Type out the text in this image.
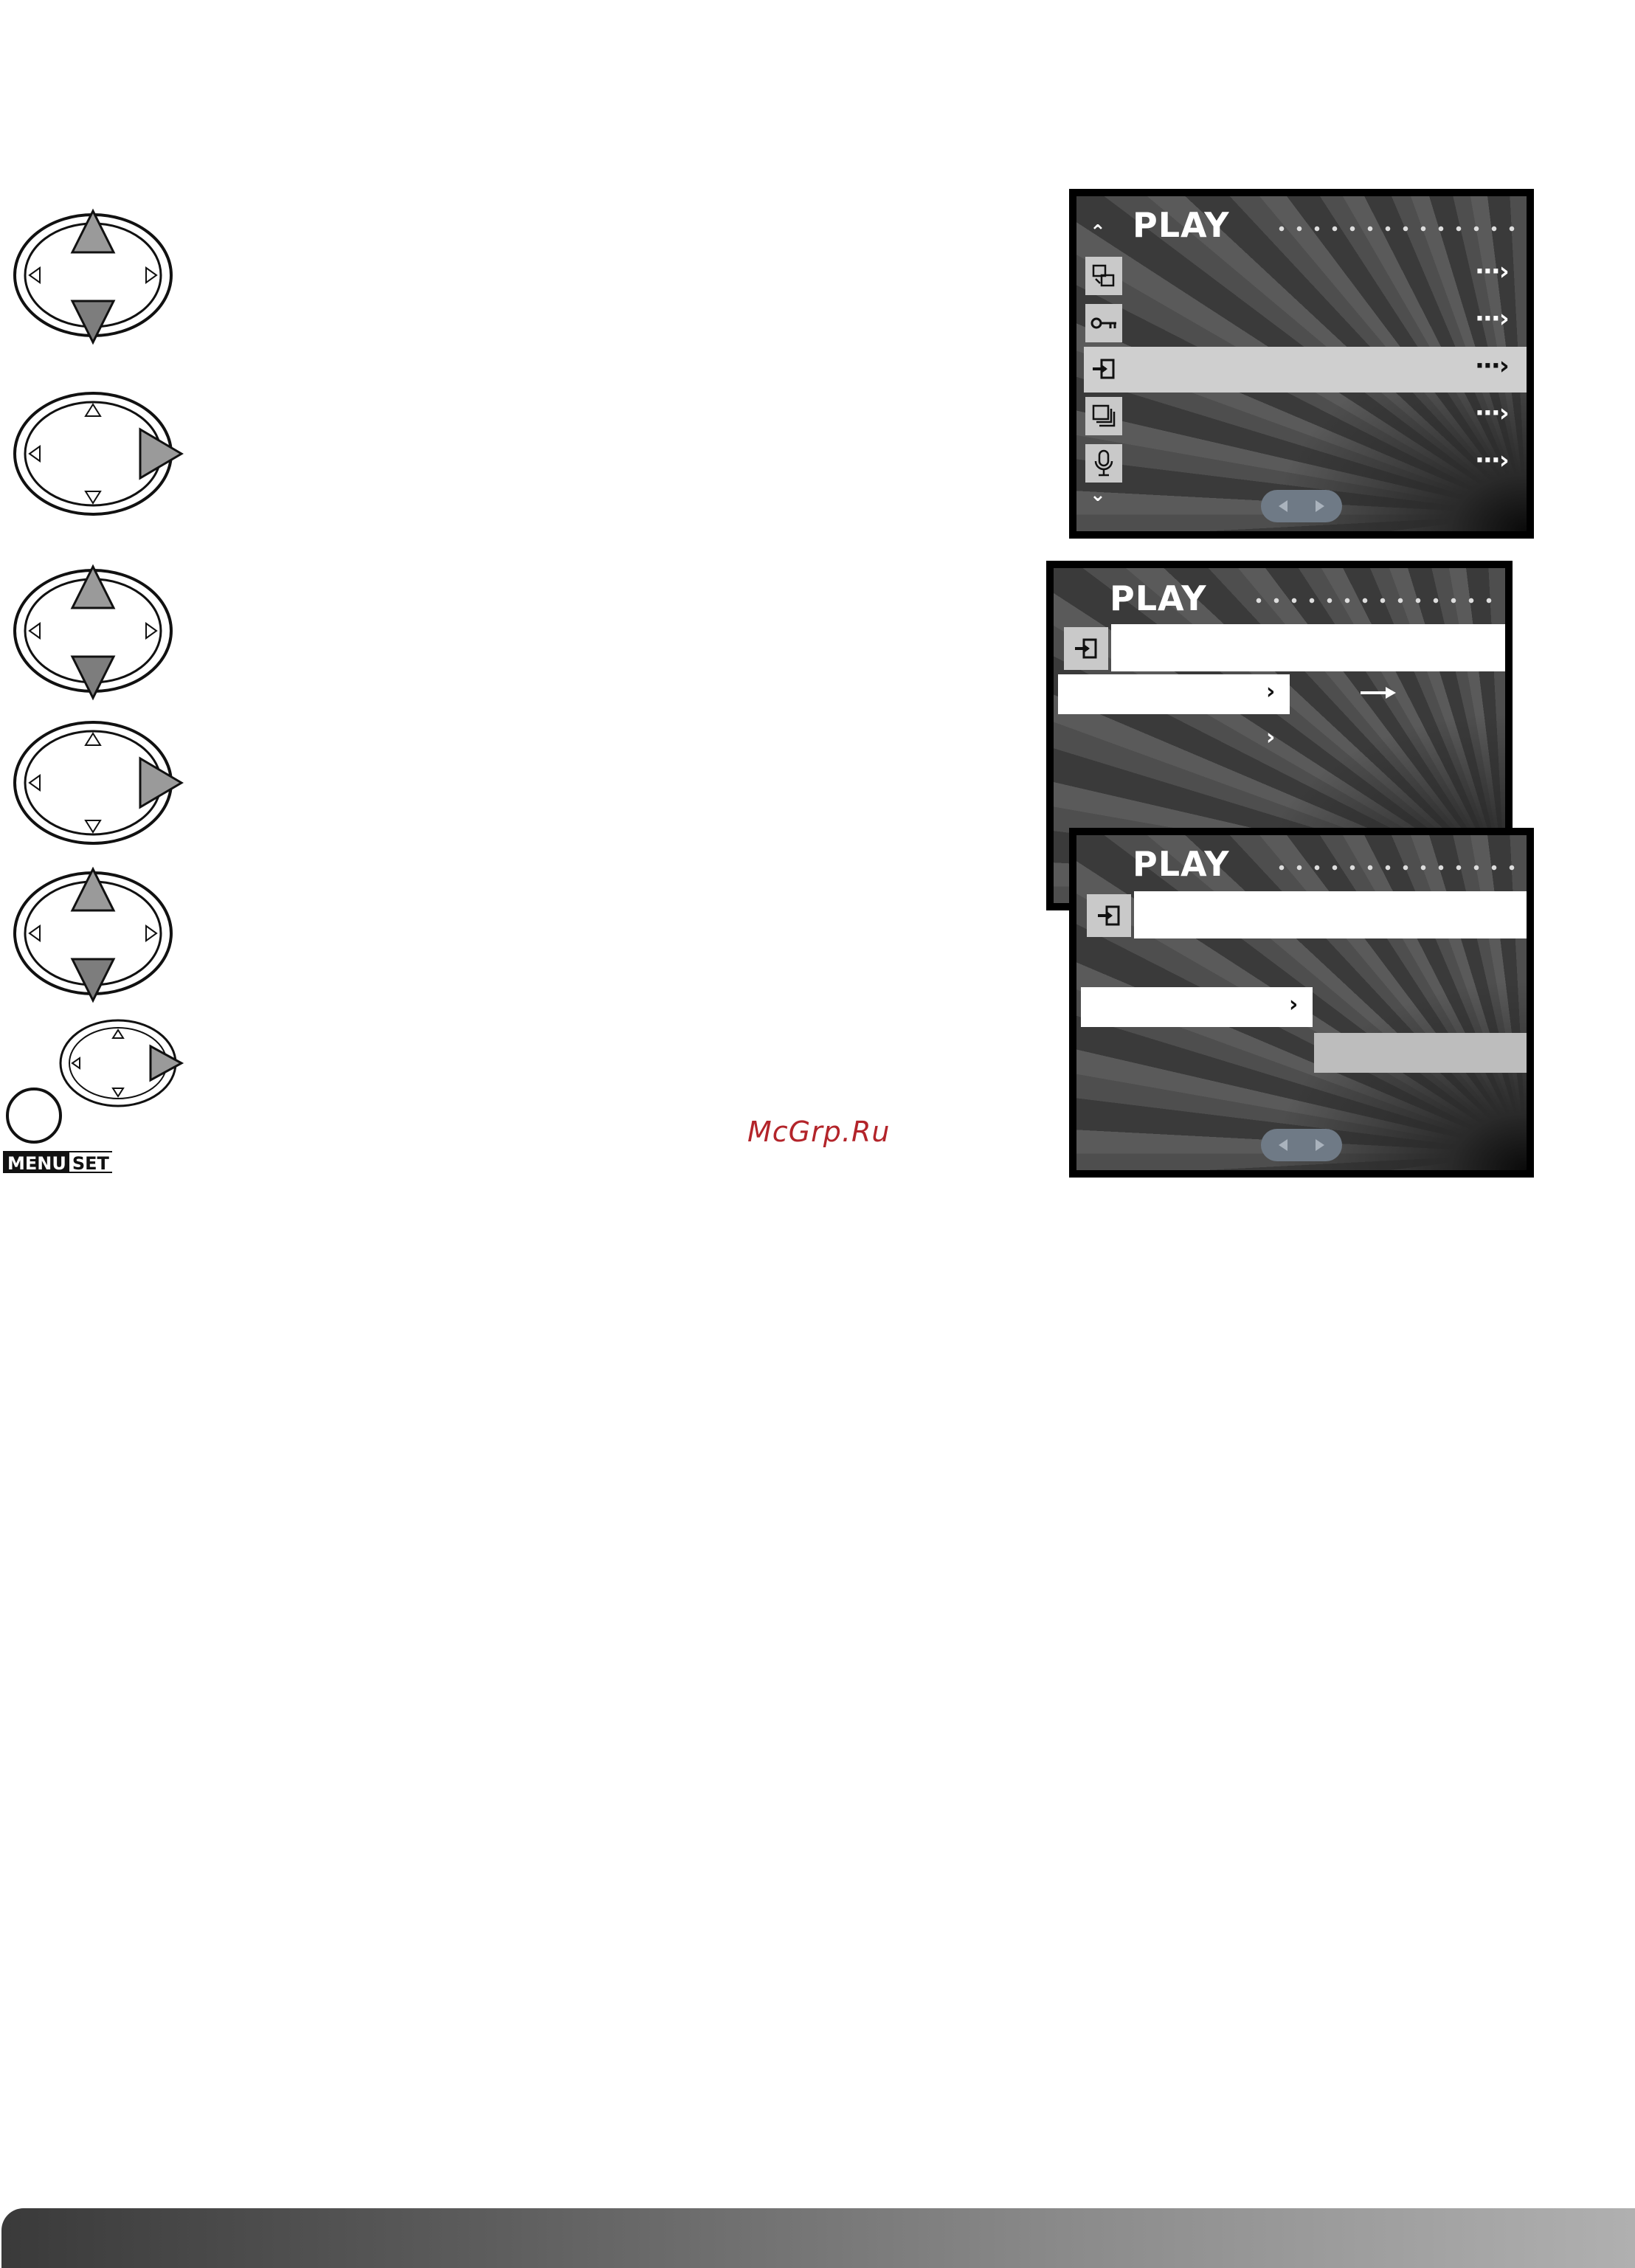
MENU SET
McGrp.Ru
PLAY
›
›
⌃ PLAY
···›
···›
···›
···›
···›
⌄
PLAY
›
